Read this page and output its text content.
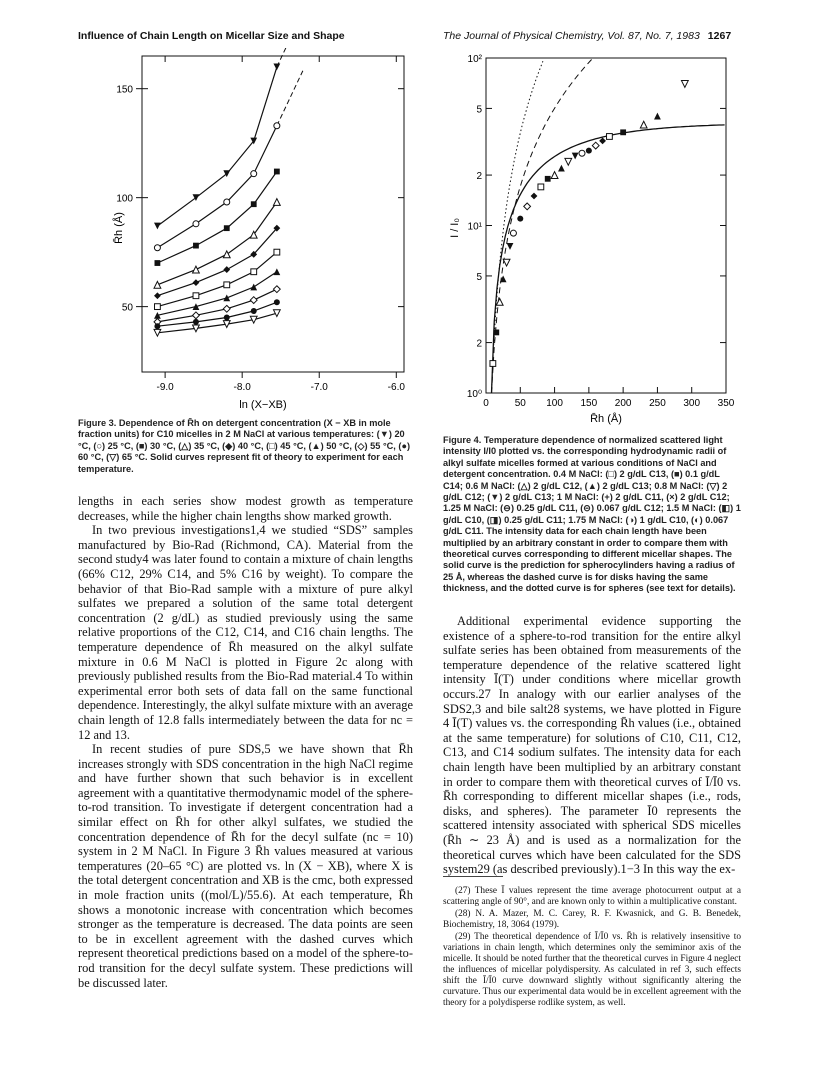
Influence of Chain Length on Micellar Size and Shape	The Journal of Physical Chemistry, Vol. 87, No. 7, 1983 1267
150
100
50
-9.0	-8.0	-7.0	-6.0
R̄h (Å)
ln (X−XB)
Figure 3. Dependence of R̄h on detergent concentration (X − XB in mole fraction units) for C10 micelles in 2 M NaCl at various temperatures: (▼) 20 °C, (○) 25 °C, (■) 30 °C, (△) 35 °C, (◆) 40 °C, (□) 45 °C, (▲) 50 °C, (◇) 55 °C, (●) 60 °C, (▽) 65 °C. Solid curves represent fit of theory to experiment for each temperature.
10²
5
2
10¹
5
2
10⁰
0	50 100 150 200 250 300 350
I / I₀
R̄h (Å)
Figure 4. Temperature dependence of normalized scattered light intensity I/I0 plotted vs. the corresponding hydrodynamic radii of alkyl sulfate micelles formed at various conditions of NaCl and detergent concentration. 0.4 M NaCl: (□) 2 g/dL C13, (■) 0.1 g/dL C14; 0.6 M NaCl: (△) 2 g/dL C12, (▲) 2 g/dL C13; 0.8 M NaCl: (▽) 2 g/dL C12; (▼) 2 g/dL C13; 1 M NaCl: (+) 2 g/dL C11, (×) 2 g/dL C12; 1.25 M NaCl: (⊖) 0.25 g/dL C11, (⊝) 0.067 g/dL C12; 1.5 M NaCl: (◧) 1 g/dL C10, (◨) 0.25 g/dL C11; 1.75 M NaCl: (◑) 1 g/dL C10, (◐) 0.067 g/dL C11. The intensity data for each chain length have been multiplied by an arbitrary constant in order to compare them with theoretical curves corresponding to different micellar shapes. The solid curve is the prediction for spherocylinders having a radius of 25 Å, whereas the dashed curve is for disks having the same thickness, and the dotted curve is for spheres (see text for details).

lengths in each series show modest growth as temperature decreases, while the higher chain lengths show marked growth.

In two previous investigations1,4 we studied “SDS” samples manufactured by Bio-Rad (Richmond, CA). Material from the second study4 was later found to contain a mixture of chain lengths (66% C12, 29% C14, and 5% C16 by weight). To compare the behavior of that Bio-Rad sample with a mixture of pure alkyl sulfates we prepared a solution of the same total detergent concentration (2 g/dL) as studied previously using the same relative proportions of the C12, C14, and C16 chain lengths. The temperature dependence of R̄h measured on the alkyl sulfate mixture in 0.6 M NaCl is plotted in Figure 2c along with previously published results from the Bio-Rad material.4 To within experimental error both sets of data fall on the same functional dependence. Interestingly, the alkyl sulfate mixture with an average chain length of 12.8 falls intermediately between the data for nc = 12 and 13.

In recent studies of pure SDS,5 we have shown that R̄h increases strongly with SDS concentration in the high NaCl regime and have further shown that such behavior is in excellent agreement with a quantitative thermodynamic model of the sphere-to-rod transition. To investigate if detergent concentration had a similar effect on R̄h for other alkyl sulfates, we studied the concentration dependence of R̄h for the decyl sulfate (nc = 10) system in 2 M NaCl. In Figure 3 R̄h values measured at various temperatures (20–65 °C) are plotted vs. ln (X − XB), where X is the total detergent concentration and XB is the cmc, both expressed in mole fraction units ((mol/L)/55.6). At each temperature, R̄h shows a monotonic increase with concentration which becomes stronger as the temperature is decreased. The data points are seen to be in excellent agreement with the dashed curves which represent theoretical predictions based on a model of the sphere-to-rod transition for the decyl sulfate system. These predictions will be discussed later.

Additional experimental evidence supporting the existence of a sphere-to-rod transition for the entire alkyl sulfate series has been obtained from measurements of the temperature dependence of the relative scattered light intensity Ī(T) under conditions where micellar growth occurs.27 In analogy with our earlier analyses of the SDS2,3 and bile salt28 systems, we have plotted in Figure 4 Ī(T) values vs. the corresponding R̄h values (i.e., obtained at the same temperature) for solutions of C10, C11, C12, C13, and C14 sodium sulfates. The intensity data for each chain length have been multiplied by an arbitrary constant in order to compare them with theoretical curves of Ī/Ī0 vs. R̄h corresponding to different micellar shapes (i.e., rods, disks, and spheres). The parameter Ī0 represents the scattered intensity associated with spherical SDS micelles (R̄h ∼ 23 Å) and is used as a normalization for the theoretical curves which have been calculated for the SDS system29 (as described previously).1−3 In this way the ex-

(27) These Ī values represent the time average photocurrent output at a scattering angle of 90°, and are known only to within a multiplicative constant.

(28) N. A. Mazer, M. C. Carey, R. F. Kwasnick, and G. B. Benedek, Biochemistry, 18, 3064 (1979).

(29) The theoretical dependence of Ī/Ī0 vs. R̄h is relatively insensitive to variations in chain length, which determines only the semiminor axis of the micelle. It should be noted further that the theoretical curves in Figure 4 neglect the influences of micellar polydispersity. As calculated in ref 3, such effects shift the Ī/Ī0 curve downward slightly without significantly altering the curvature. Thus our experimental data would be in excellent agreement with the theory for a polydisperse rodlike system, as well.
